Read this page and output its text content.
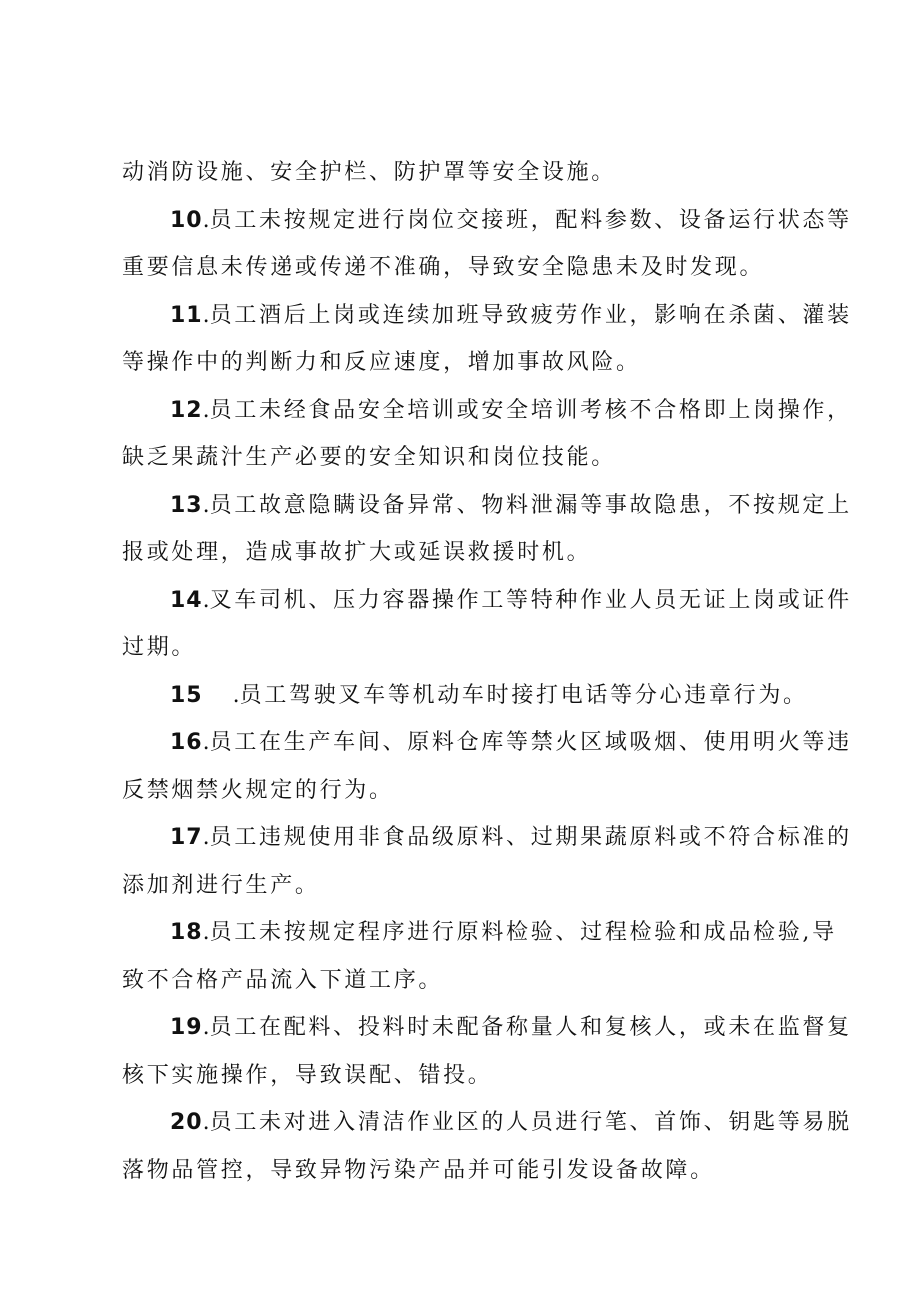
动消防设施、安全护栏、防护罩等安全设施。
10.员工未按规定进行岗位交接班，配料参数、设备运行状态等
重要信息未传递或传递不准确，导致安全隐患未及时发现。
11.员工酒后上岗或连续加班导致疲劳作业，影响在杀菌、灌装
等操作中的判断力和反应速度，增加事故风险。
12.员工未经食品安全培训或安全培训考核不合格即上岗操作，
缺乏果蔬汁生产必要的安全知识和岗位技能。
13.员工故意隐瞒设备异常、物料泄漏等事故隐患，不按规定上
报或处理，造成事故扩大或延误救援时机。
14.叉车司机、压力容器操作工等特种作业人员无证上岗或证件
过期。
15 .员工驾驶叉车等机动车时接打电话等分心违章行为。
16.员工在生产车间、原料仓库等禁火区域吸烟、使用明火等违
反禁烟禁火规定的行为。
17.员工违规使用非食品级原料、过期果蔬原料或不符合标准的
添加剂进行生产。
18.员工未按规定程序进行原料检验、过程检验和成品检验,导
致不合格产品流入下道工序。
19.员工在配料、投料时未配备称量人和复核人，或未在监督复
核下实施操作，导致误配、错投。
20.员工未对进入清洁作业区的人员进行笔、首饰、钥匙等易脱
落物品管控，导致异物污染产品并可能引发设备故障。
